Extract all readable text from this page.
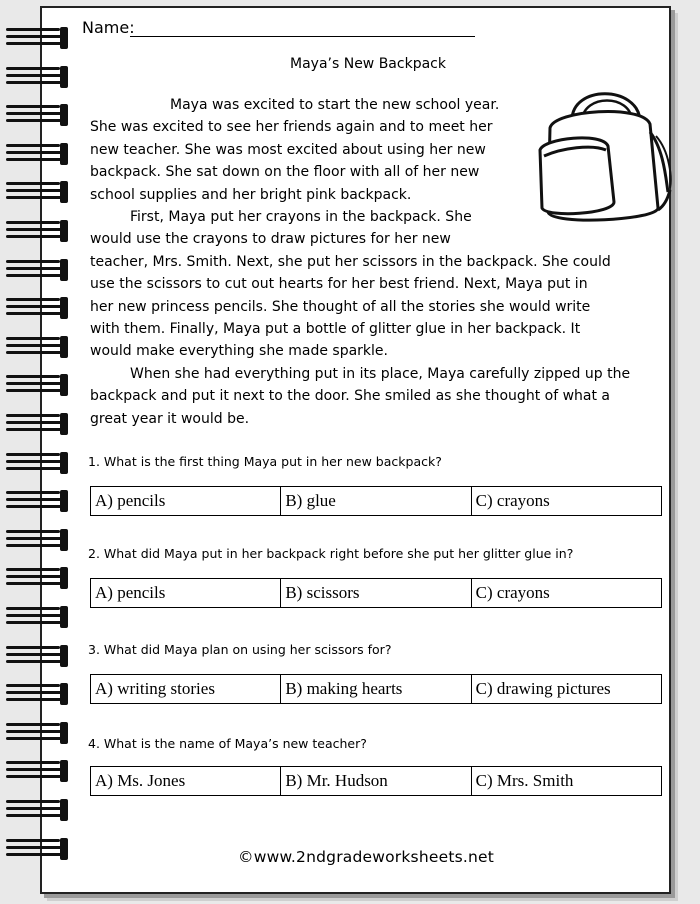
Name:
Maya’s New Backpack

Maya was excited to start the new school year.

She was excited to see her friends again and to meet her

new teacher. She was most excited about using her new

backpack. She sat down on the floor with all of her new

school supplies and her bright pink backpack.

First, Maya put her crayons in the backpack. She

would use the crayons to draw pictures for her new

teacher, Mrs. Smith. Next, she put her scissors in the backpack. She could

use the scissors to cut out hearts for her best friend. Next, Maya put in

her new princess pencils. She thought of all the stories she would write

with them. Finally, Maya put a bottle of glitter glue in her backpack. It

would make everything she made sparkle.

When she had everything put in its place, Maya carefully zipped up the

backpack and put it next to the door. She smiled as she thought of what a

great year it would be.

1. What is the first thing Maya put in her new backpack?
A) pencils	B) glue	C) crayons
2. What did Maya put in her backpack right before she put her glitter glue in?
A) pencils	B) scissors	C) crayons
3. What did Maya plan on using her scissors for?
A) writing stories	B) making hearts	C) drawing pictures
4. What is the name of Maya’s new teacher?
A) Ms. Jones	B) Mr. Hudson	C) Mrs. Smith
©www.2ndgradeworksheets.net
